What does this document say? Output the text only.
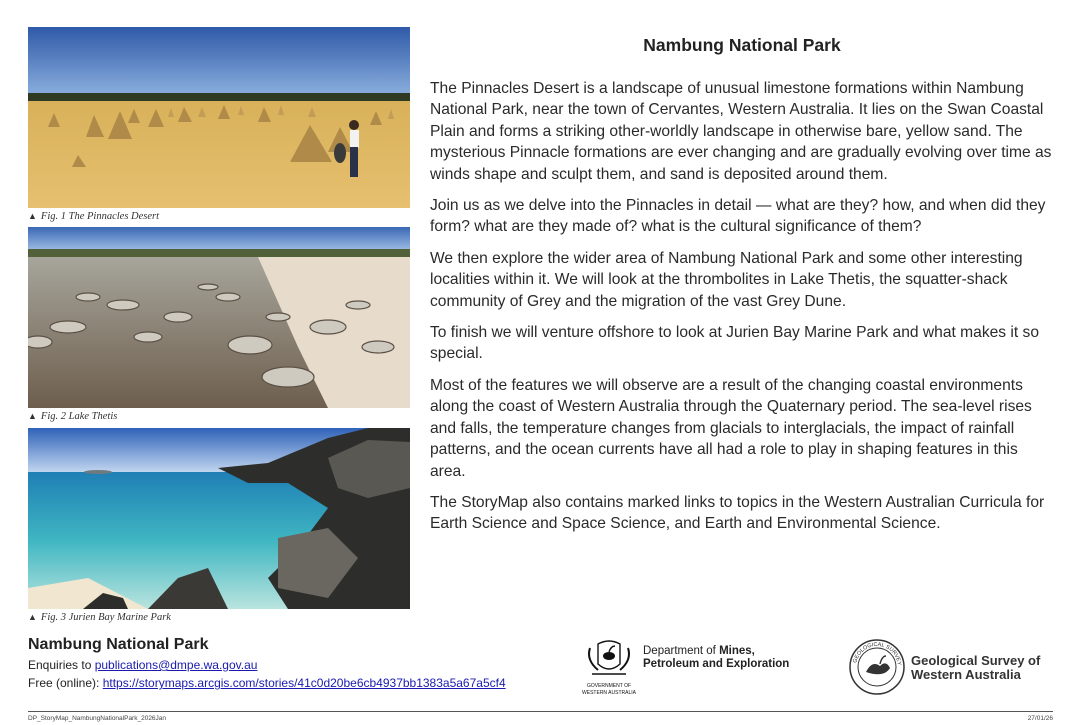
▲ Fig. 1 The Pinnacles Desert
▲ Fig. 2 Lake Thetis
▲ Fig. 3 Jurien Bay Marine Park
Nambung National Park

The Pinnacles Desert is a landscape of unusual limestone formations within Nambung National Park, near the town of Cervantes, Western Australia. It lies on the Swan Coastal Plain and forms a striking other-worldly landscape in otherwise bare, yellow sand. The mysterious Pinnacle formations are ever changing and are gradually evolving over time as winds shape and sculpt them, and sand is deposited around them.

Join us as we delve into the Pinnacles in detail — what are they? how, and when did they form? what are they made of? what is the cultural significance of them?

We then explore the wider area of Nambung National Park and some other interesting localities within it. We will look at the thrombolites in Lake Thetis, the squatter-shack community of Grey and the migration of the vast Grey Dune.

To finish we will venture offshore to look at Jurien Bay Marine Park and what makes it so special.

Most of the features we will observe are a result of the changing coastal environments along the coast of Western Australia through the Quaternary period. The sea-level rises and falls, the temperature changes from glacials to interglacials, the impact of rainfall patterns, and the ocean currents have all had a role to play in shaping features in this area.

The StoryMap also contains marked links to topics in the Western Australian Curricula for Earth Science and Space Science, and Earth and Environmental Science.

Nambung National Park
Enquiries to publications@dmpe.wa.gov.au
Free (online): https://storymaps.arcgis.com/stories/41c0d20be6cb4937bb1383a5a67a5cf4	GOVERNMENT OF
WESTERN AUSTRALIA
Department of Mines,
Petroleum and Exploration	GEOLOGICAL SURVEY Geological Survey of
Western Australia
DP_StoryMap_NambungNationalPark_2026Jan	27/01/26
